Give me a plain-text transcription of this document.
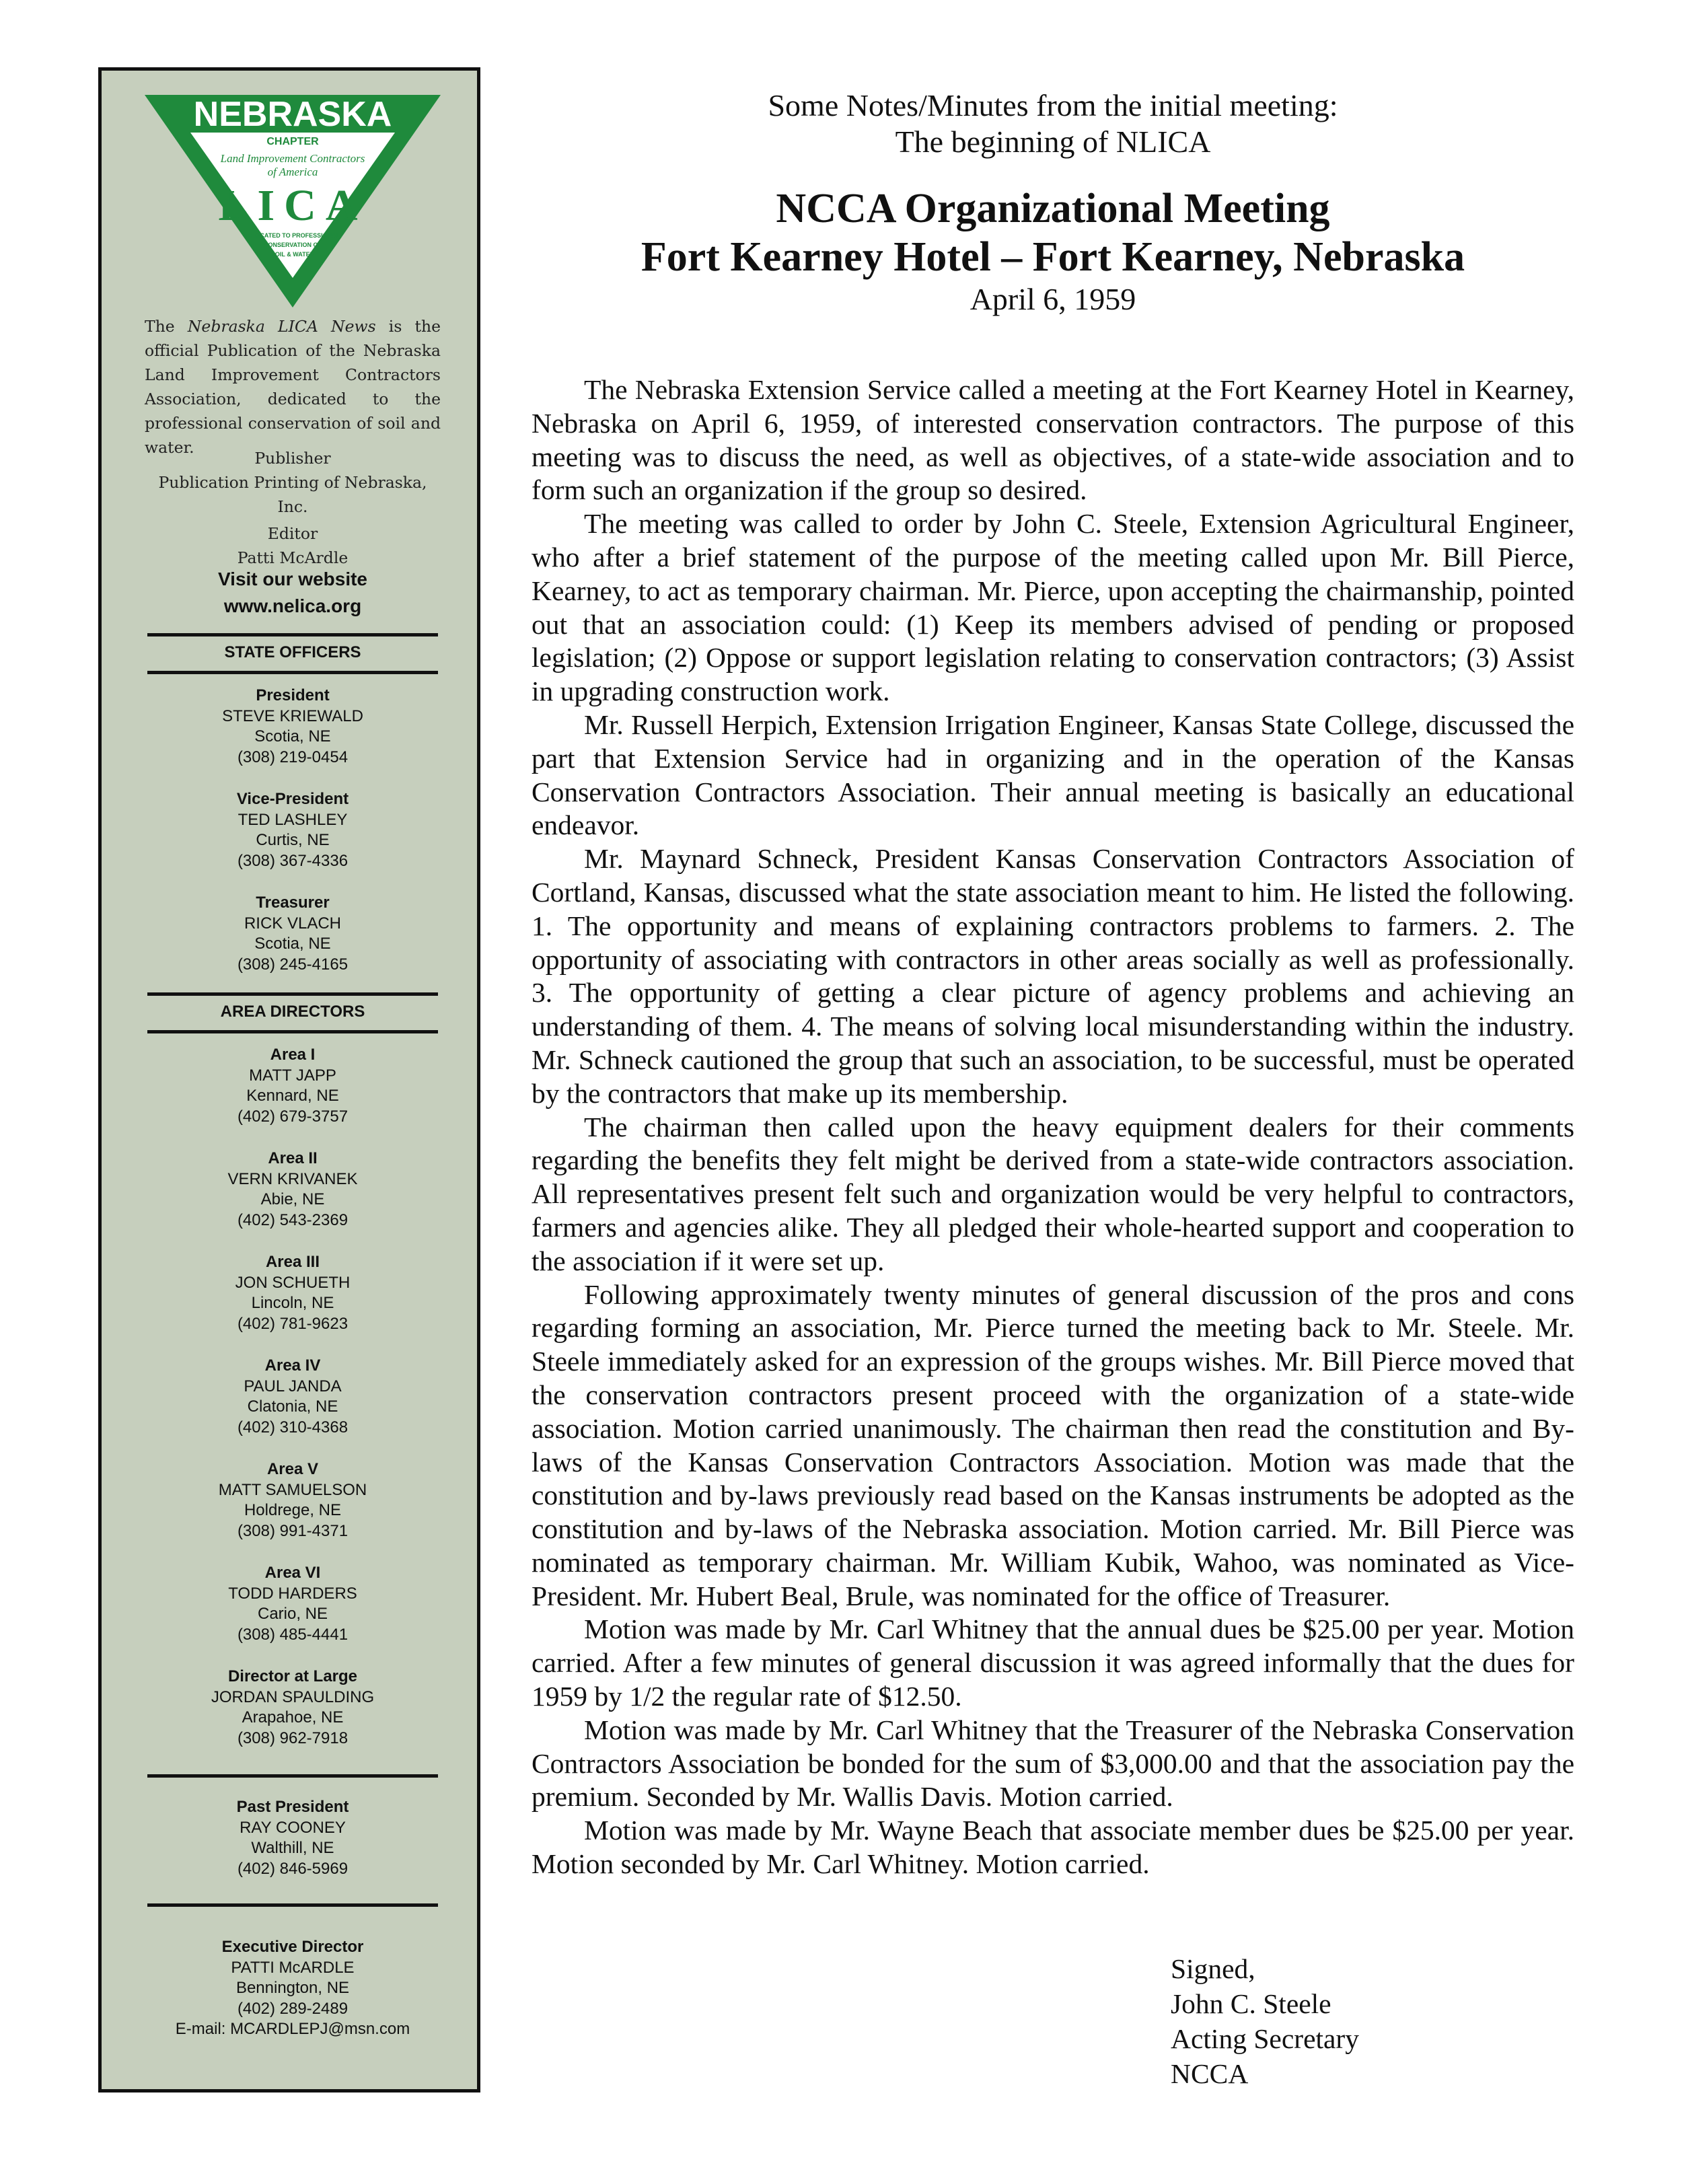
NEBRASKA
CHAPTER
Land Improvement Contractors
of America
LICA
DEDICATED TO PROFESSIONAL
CONSERVATION OF
SOIL & WATER
The Nebraska LICA News is the official Publication of the Nebraska Land Improvement Contractors Association, dedicated to the professional conservation of soil and water.
Publisher
Publication Printing of Nebraska, Inc.
Editor
Patti McArdle
Visit our website
www.nelica.org
STATE OFFICERS
President
STEVE KRIEWALD
Scotia, NE
(308) 219-0454
Vice-President
TED LASHLEY
Curtis, NE
(308) 367-4336
Treasurer
RICK VLACH
Scotia, NE
(308) 245-4165
AREA DIRECTORS
Area I
MATT JAPP
Kennard, NE
(402) 679-3757
Area II
VERN KRIVANEK
Abie, NE
(402) 543-2369
Area III
JON SCHUETH
Lincoln, NE
(402) 781-9623
Area IV
PAUL JANDA
Clatonia, NE
(402) 310-4368
Area V
MATT SAMUELSON
Holdrege, NE
(308) 991-4371
Area VI
TODD HARDERS
Cario, NE
(308) 485-4441
Director at Large
JORDAN SPAULDING
Arapahoe, NE
(308) 962-7918
Past President
RAY COONEY
Walthill, NE
(402) 846-5969
Executive Director
PATTI McARDLE
Bennington, NE
(402) 289-2489
E-mail: MCARDLEPJ@msn.com
Some Notes/Minutes from the initial meeting:
The beginning of NLICA
NCCA Organizational Meeting
Fort Kearney Hotel – Fort Kearney, Nebraska
April 6, 1959

The Nebraska Extension Service called a meeting at the Fort Kearney Hotel in Kearney, Nebraska on April 6, 1959, of interested conservation contractors. The purpose of this meeting was to discuss the need, as well as objectives, of a state-wide association and to form such an organization if the group so desired.

The meeting was called to order by John C. Steele, Extension Agricultural Engineer, who after a brief statement of the purpose of the meeting called upon Mr. Bill Pierce, Kearney, to act as temporary chairman. Mr. Pierce, upon accepting the chairmanship, pointed out that an association could: (1) Keep its members advised of pending or proposed legislation; (2) Oppose or support legislation relating to conservation contractors; (3) Assist in upgrading construction work.

Mr. Russell Herpich, Extension Irrigation Engineer, Kansas State College, discussed the part that Extension Service had in organizing and in the operation of the Kansas Conservation Contractors Association. Their annual meeting is basically an educational endeavor.

Mr. Maynard Schneck, President Kansas Conservation Contractors Association of Cortland, Kansas, discussed what the state association meant to him. He listed the following. 1. The opportunity and means of explaining contractors problems to farmers. 2. The opportunity of associating with contractors in other areas socially as well as professionally. 3. The opportunity of getting a clear picture of agency problems and achieving an understanding of them. 4. The means of solving local misunderstanding within the industry. Mr. Schneck cautioned the group that such an association, to be successful, must be operated by the contractors that make up its membership.

The chairman then called upon the heavy equipment dealers for their comments regarding the benefits they felt might be derived from a state-wide contractors association. All representatives present felt such and organization would be very helpful to contractors, farmers and agencies alike. They all pledged their whole-hearted support and cooperation to the association if it were set up.

Following approximately twenty minutes of general discussion of the pros and cons regarding forming an association, Mr. Pierce turned the meeting back to Mr. Steele. Mr. Steele immediately asked for an expression of the groups wishes. Mr. Bill Pierce moved that the conservation contractors present proceed with the organization of a state-wide association. Motion carried unanimously. The chairman then read the constitution and By-laws of the Kansas Conservation Contractors Association. Motion was made that the constitution and by-laws previously read based on the Kansas instruments be adopted as the constitution and by-laws of the Nebraska association. Motion carried. Mr. Bill Pierce was nominated as temporary chairman. Mr. William Kubik, Wahoo, was nominated as Vice-President. Mr. Hubert Beal, Brule, was nominated for the office of Treasurer.

Motion was made by Mr. Carl Whitney that the annual dues be $25.00 per year. Motion carried. After a few minutes of general discussion it was agreed informally that the dues for 1959 by 1/2 the regular rate of $12.50.

Motion was made by Mr. Carl Whitney that the Treasurer of the Nebraska Conservation Contractors Association be bonded for the sum of $3,000.00 and that the association pay the premium. Seconded by Mr. Wallis Davis. Motion carried.

Motion was made by Mr. Wayne Beach that associate member dues be $25.00 per year. Motion seconded by Mr. Carl Whitney. Motion carried.

Signed,
John C. Steele
Acting Secretary
NCCA
